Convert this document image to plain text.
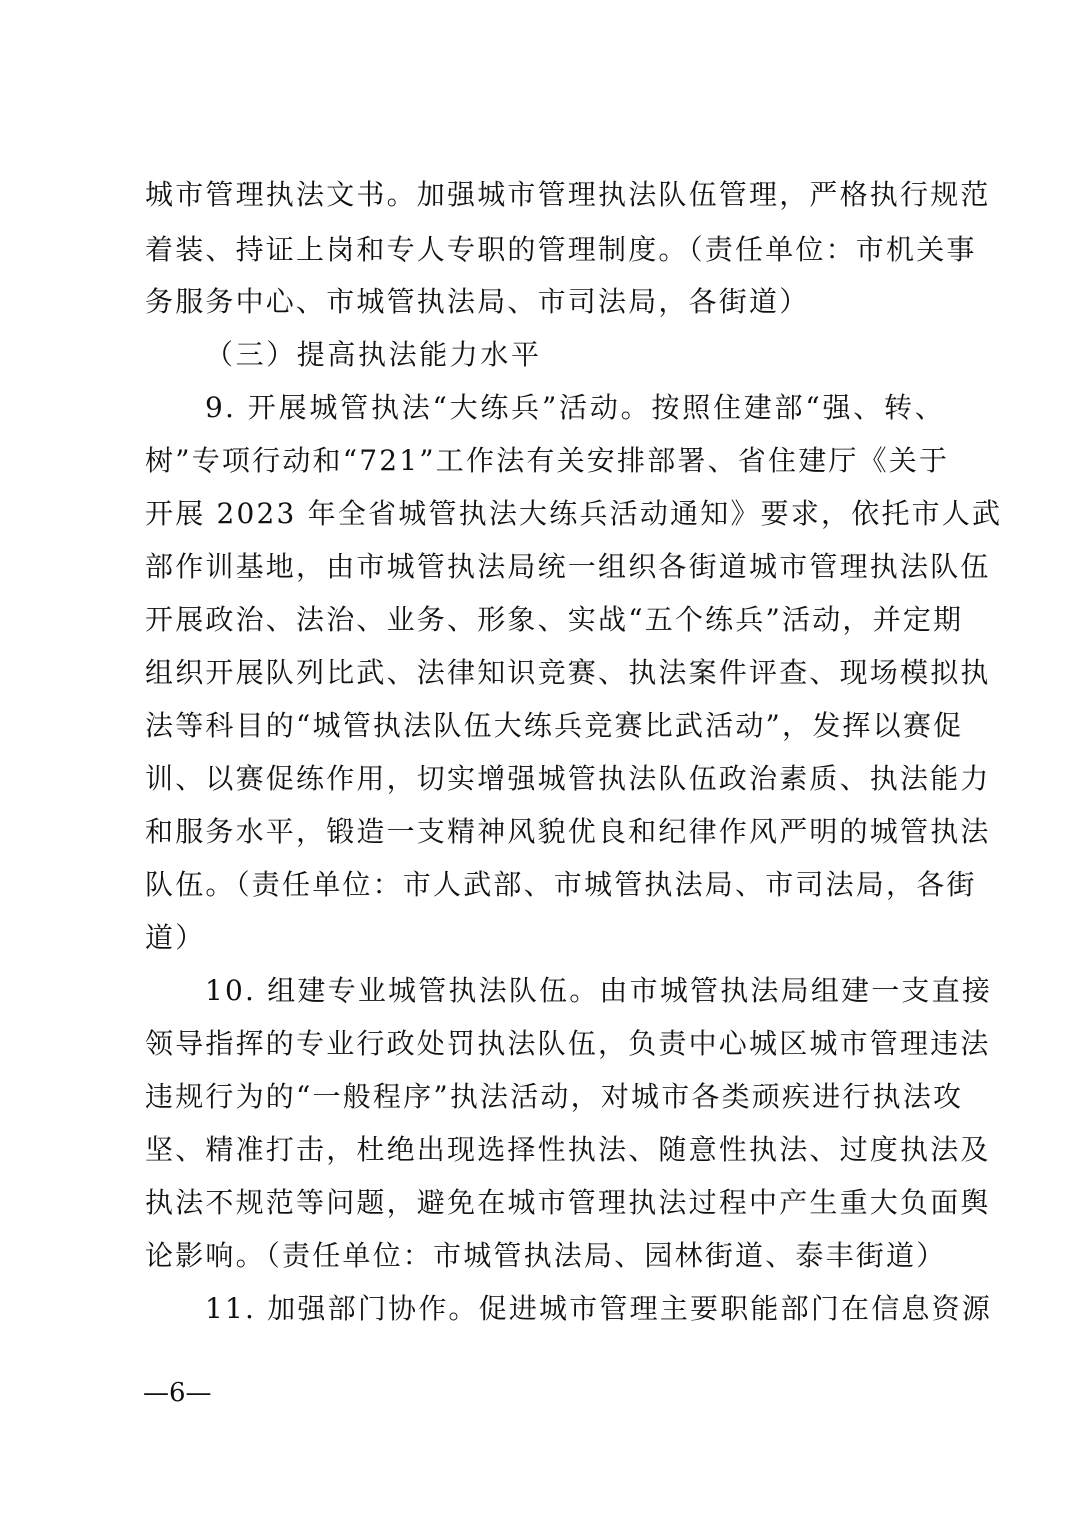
城市管理执法文书。加强城市管理执法队伍管理，严格执行规范
着装、持证上岗和专人专职的管理制度。（责任单位：市机关事
务服务中心、市城管执法局、市司法局，各街道）
（三）提高执法能力水平
9. 开展城管执法“大练兵”活动。按照住建部“强、转、
树”专项行动和“721”工作法有关安排部署、省住建厅《关于
开展 2023 年全省城管执法大练兵活动通知》要求，依托市人武
部作训基地，由市城管执法局统一组织各街道城市管理执法队伍
开展政治、法治、业务、形象、实战“五个练兵”活动，并定期
组织开展队列比武、法律知识竞赛、执法案件评查、现场模拟执
法等科目的“城管执法队伍大练兵竞赛比武活动”，发挥以赛促
训、以赛促练作用，切实增强城管执法队伍政治素质、执法能力
和服务水平，锻造一支精神风貌优良和纪律作风严明的城管执法
队伍。（责任单位：市人武部、市城管执法局、市司法局，各街
道）
10. 组建专业城管执法队伍。由市城管执法局组建一支直接
领导指挥的专业行政处罚执法队伍，负责中心城区城市管理违法
违规行为的“一般程序”执法活动，对城市各类顽疾进行执法攻
坚、精准打击，杜绝出现选择性执法、随意性执法、过度执法及
执法不规范等问题，避免在城市管理执法过程中产生重大负面舆
论影响。（责任单位：市城管执法局、园林街道、泰丰街道）
11. 加强部门协作。促进城市管理主要职能部门在信息资源
—6—
